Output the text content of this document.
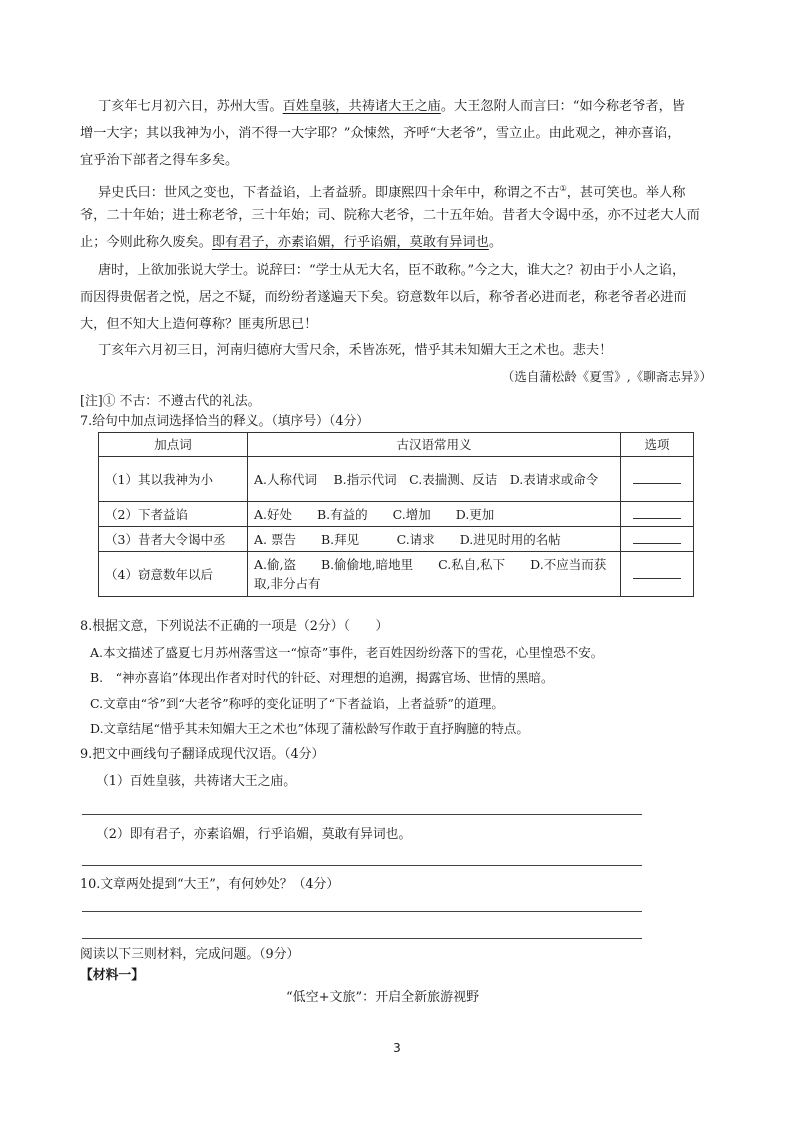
丁亥年七月初六日，苏州大雪。百姓皇骇，共祷诸大王之庙。大王忽附人而言曰：“如今称老爷者，皆
增一大字；其以我神为小，消不得一大字耶？”众悚然，齐呼“大老爷”，雪立止。由此观之，神亦喜谄，
宜乎治下部者之得车多矣。
异史氏曰：世风之变也，下者益谄，上者益骄。即康熙四十余年中，称谓之不古①，甚可笑也。举人称
爷，二十年始；进士称老爷，三十年始；司、院称大老爷，二十五年始。昔者大令谒中丞，亦不过老大人而
止；今则此称久废矣。即有君子，亦素谄媚，行乎谄媚，莫敢有异词也。
唐时，上欲加张说大学士。说辞曰：“学士从无大名，臣不敢称。”今之大，谁大之？初由于小人之谄，
而因得贵倨者之悦，居之不疑，而纷纷者遂遍天下矣。窃意数年以后，称爷者必进而老，称老爷者必进而
大，但不知大上造何尊称？匪夷所思已！
丁亥年六月初三日，河南归德府大雪尺余，禾皆冻死，惜乎其未知媚大王之术也。悲夫！
（选自蒲松龄《夏雪》,《聊斋志异》）
[注]① 不古：不遵古代的礼法。
7.给句中加点词选择恰当的释义。（填序号）（4分）
加点词	古汉语常用义	选项
（1）其以我神为小	A.人称代词　 B.指示代词　C.表揣测、反诘　D.表请求或命令	
（2）下者益谄	A.好处　　B.有益的　　C.增加　　D.更加	
（3）昔者大令谒中丞	A. 票告　　B.拜见　　　C.请求　　D.进见时用的名帖	
（4）窃意数年以后	A.偷,盗　　B.偷偷地,暗地里　　C.私自,私下　　D.不应当而获取,非分占有	
8.根据文意，下列说法不正确的一项是（2分）（　　）
A.本文描述了盛夏七月苏州落雪这一“惊奇”事件，老百姓因纷纷落下的雪花，心里惶恐不安。
B.　“神亦喜谄”体现出作者对时代的针砭、对理想的追溯，揭露官场、世情的黑暗。
C.文章由“爷”到“大老爷”称呼的变化证明了“下者益谄，上者益骄”的道理。
D.文章结尾“惜乎其未知媚大王之术也”体现了蒲松龄写作敢于直抒胸臆的特点。
9.把文中画线句子翻译成现代汉语。（4分）
（1）百姓皇骇，共祷诸大王之庙。
（2）即有君子，亦素谄媚，行乎谄媚，莫敢有异词也。
10.文章两处提到“大王”，有何妙处？（4分）
阅读以下三则材料，完成问题。（9分）
【材料一】
“低空+文旅”：开启全新旅游视野
3
